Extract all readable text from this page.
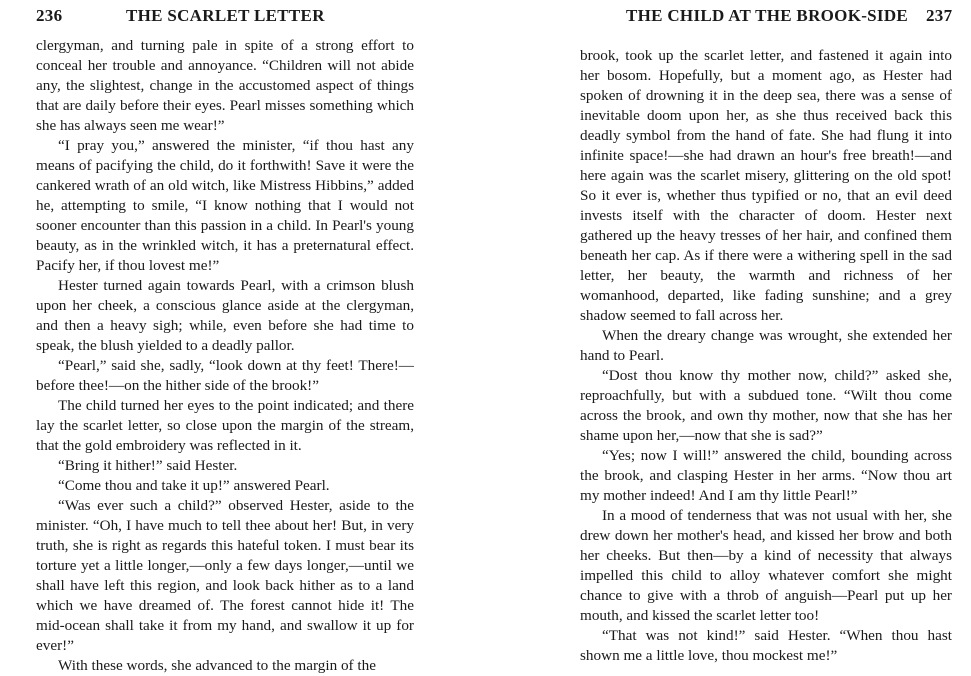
236	THE SCARLET LETTER

clergyman, and turning pale in spite of a strong effort to conceal her trouble and annoyance. “Children will not abide any, the slightest, change in the accustomed aspect of things that are daily before their eyes. Pearl misses something which she has always seen me wear!”

“I pray you,” answered the minister, “if thou hast any means of pacifying the child, do it forthwith! Save it were the cankered wrath of an old witch, like Mistress Hibbins,” added he, attempting to smile, “I know nothing that I would not sooner encounter than this passion in a child. In Pearl's young beauty, as in the wrinkled witch, it has a preternatural effect. Pacify her, if thou lovest me!”

Hester turned again towards Pearl, with a crimson blush upon her cheek, a conscious glance aside at the clergyman, and then a heavy sigh; while, even before she had time to speak, the blush yielded to a deadly pallor.

“Pearl,” said she, sadly, “look down at thy feet! There!—before thee!—on the hither side of the brook!”

The child turned her eyes to the point indicated; and there lay the scarlet letter, so close upon the margin of the stream, that the gold embroidery was reflected in it.

“Bring it hither!” said Hester.

“Come thou and take it up!” answered Pearl.

“Was ever such a child?” observed Hester, aside to the minister. “Oh, I have much to tell thee about her! But, in very truth, she is right as regards this hateful token. I must bear its torture yet a little longer,—only a few days longer,—until we shall have left this region, and look back hither as to a land which we have dreamed of. The forest cannot hide it! The mid-ocean shall take it from my hand, and swallow it up for ever!”

With these words, she advanced to the margin of the

THE CHILD AT THE BROOK-SIDE 237

brook, took up the scarlet letter, and fastened it again into her bosom. Hopefully, but a moment ago, as Hester had spoken of drowning it in the deep sea, there was a sense of inevitable doom upon her, as she thus received back this deadly symbol from the hand of fate. She had flung it into infinite space!—she had drawn an hour's free breath!—and here again was the scarlet misery, glittering on the old spot! So it ever is, whether thus typified or no, that an evil deed invests itself with the character of doom. Hester next gathered up the heavy tresses of her hair, and confined them beneath her cap. As if there were a withering spell in the sad letter, her beauty, the warmth and richness of her womanhood, departed, like fading sunshine; and a grey shadow seemed to fall across her.

When the dreary change was wrought, she extended her hand to Pearl.

“Dost thou know thy mother now, child?” asked she, reproachfully, but with a subdued tone. “Wilt thou come across the brook, and own thy mother, now that she has her shame upon her,—now that she is sad?”

“Yes; now I will!” answered the child, bounding across the brook, and clasping Hester in her arms. “Now thou art my mother indeed! And I am thy little Pearl!”

In a mood of tenderness that was not usual with her, she drew down her mother's head, and kissed her brow and both her cheeks. But then—by a kind of necessity that always impelled this child to alloy whatever comfort she might chance to give with a throb of anguish—Pearl put up her mouth, and kissed the scarlet letter too!

“That was not kind!” said Hester. “When thou hast shown me a little love, thou mockest me!”
